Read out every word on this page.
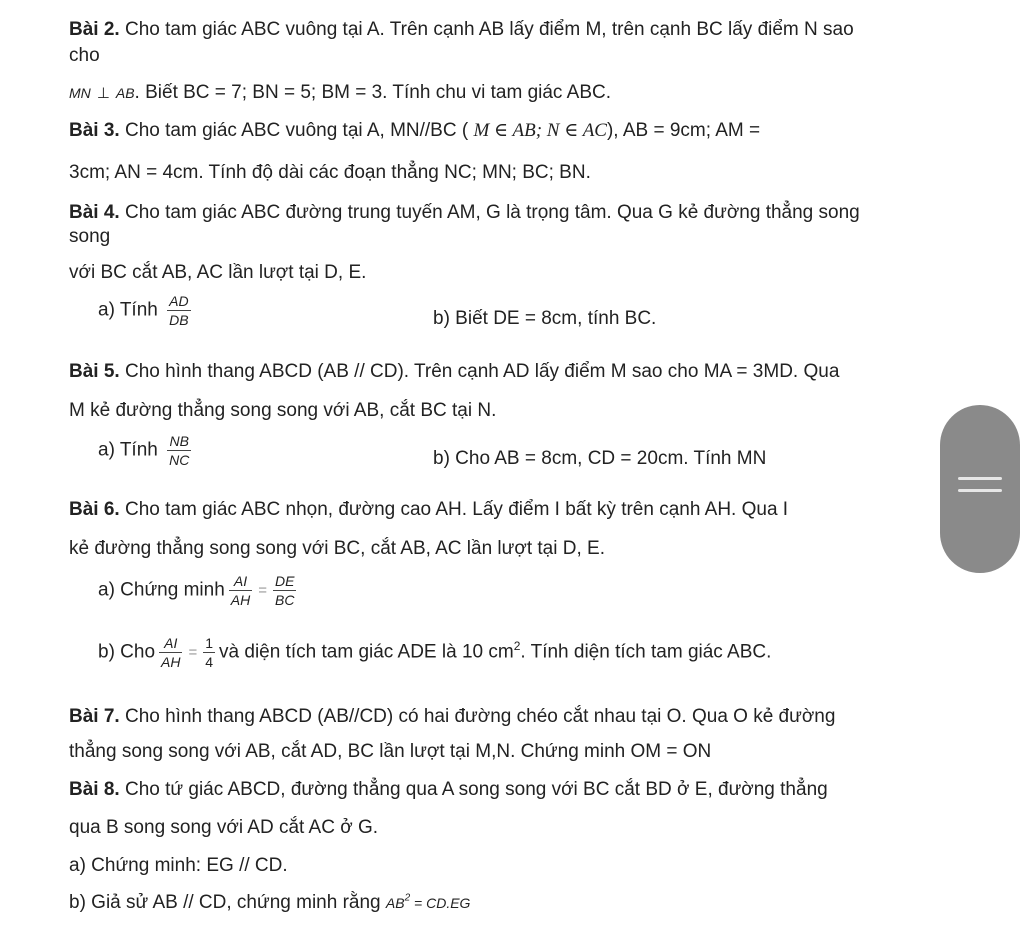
Bài 2. Cho tam giác ABC vuông tại A. Trên cạnh AB lấy điểm M, trên cạnh BC lấy điểm N sao
cho
MN ⊥ AB. Biết BC = 7; BN = 5; BM = 3. Tính chu vi tam giác ABC.
Bài 3. Cho tam giác ABC vuông tại A, MN//BC ( M ∈ AB; N ∈ AC), AB = 9cm; AM =
3cm; AN = 4cm. Tính độ dài các đoạn thẳng NC; MN; BC; BN.
Bài 4. Cho tam giác ABC đường trung tuyến AM, G là trọng tâm. Qua G kẻ đường thẳng song
song
với BC cắt AB, AC lần lượt tại D, E.
a) Tính $\frac{AD}{DB}$	b) Biết DE = 8cm, tính BC.
Bài 5. Cho hình thang ABCD (AB // CD). Trên cạnh AD lấy điểm M sao cho MA = 3MD. Qua
M kẻ đường thẳng song song với AB, cắt BC tại N.
a) Tính $\frac{NB}{NC}$	b) Cho AB = 8cm, CD = 20cm. Tính MN
Bài 6. Cho tam giác ABC nhọn, đường cao AH. Lấy điểm I bất kỳ trên cạnh AH. Qua I
kẻ đường thẳng song song với BC, cắt AB, AC lần lượt tại D, E.
a) Chứng minh $\frac{AI}{AH} = \frac{DE}{BC}$
b) Cho $\frac{AI}{AH} = \frac{1}{4}$ và diện tích tam giác ADE là 10 $cm^2$. Tính diện tích tam giác ABC.
Bài 7. Cho hình thang ABCD (AB//CD) có hai đường chéo cắt nhau tại O. Qua O kẻ đường
thẳng song song với AB, cắt AD, BC lần lượt tại M,N. Chứng minh OM = ON
Bài 8. Cho tứ giác ABCD, đường thẳng qua A song song với BC cắt BD ở E, đường thẳng
qua B song song với AD cắt AC ở G.
a) Chứng minh: EG // CD.
b) Giả sử AB // CD, chứng minh rằng $AB^2 = CD.EG$
